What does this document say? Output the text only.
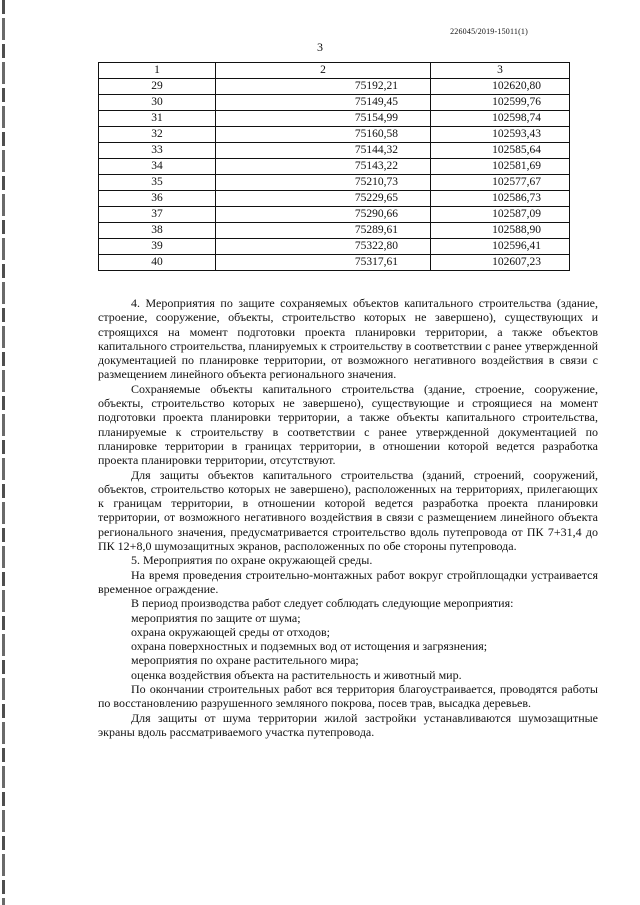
226045/2019-15011(1)
3
1	2	3
29	75192,21	102620,80
30	75149,45	102599,76
31	75154,99	102598,74
32	75160,58	102593,43
33	75144,32	102585,64
34	75143,22	102581,69
35	75210,73	102577,67
36	75229,65	102586,73
37	75290,66	102587,09
38	75289,61	102588,90
39	75322,80	102596,41
40	75317,61	102607,23

4. Мероприятия по защите сохраняемых объектов капитального строительства (здание, строение, сооружение, объекты, строительство которых не завершено), существующих и строящихся на момент подготовки проекта планировки территории, а также объектов капитального строительства, планируемых к строительству в соответствии с ранее утвержденной документацией по планировке территории, от возможного негативного воздействия в связи с размещением линейного объекта регионального значения.

Сохраняемые объекты капитального строительства (здание, строение, сооружение, объекты, строительство которых не завершено), существующие и строящиеся на момент подготовки проекта планировки территории, а также объекты капитального строительства, планируемые к строительству в соответствии с ранее утвержденной документацией по планировке территории в границах территории, в отношении которой ведется разработка проекта планировки территории, отсутствуют.

Для защиты объектов капитального строительства (зданий, строений, сооружений, объектов, строительство которых не завершено), расположенных на территориях, прилегающих к границам территории, в отношении которой ведется разработка проекта планировки территории, от возможного негативного воздействия в связи с размещением линейного объекта регионального значения, предусматривается строительство вдоль путепровода от ПК 7+31,4 до ПК 12+8,0 шумозащитных экранов, расположенных по обе стороны путепровода.

5. Мероприятия по охране окружающей среды.

На время проведения строительно-монтажных работ вокруг стройплощадки устраивается временное ограждение.

В период производства работ следует соблюдать следующие мероприятия:

мероприятия по защите от шума;

охрана окружающей среды от отходов;

охрана поверхностных и подземных вод от истощения и загрязнения;

мероприятия по охране растительного мира;

оценка воздействия объекта на растительность и животный мир.

По окончании строительных работ вся территория благоустраивается, проводятся работы по восстановлению разрушенного земляного покрова, посев трав, высадка деревьев.

Для защиты от шума территории жилой застройки устанавливаются шумозащитные экраны вдоль рассматриваемого участка путепровода.
